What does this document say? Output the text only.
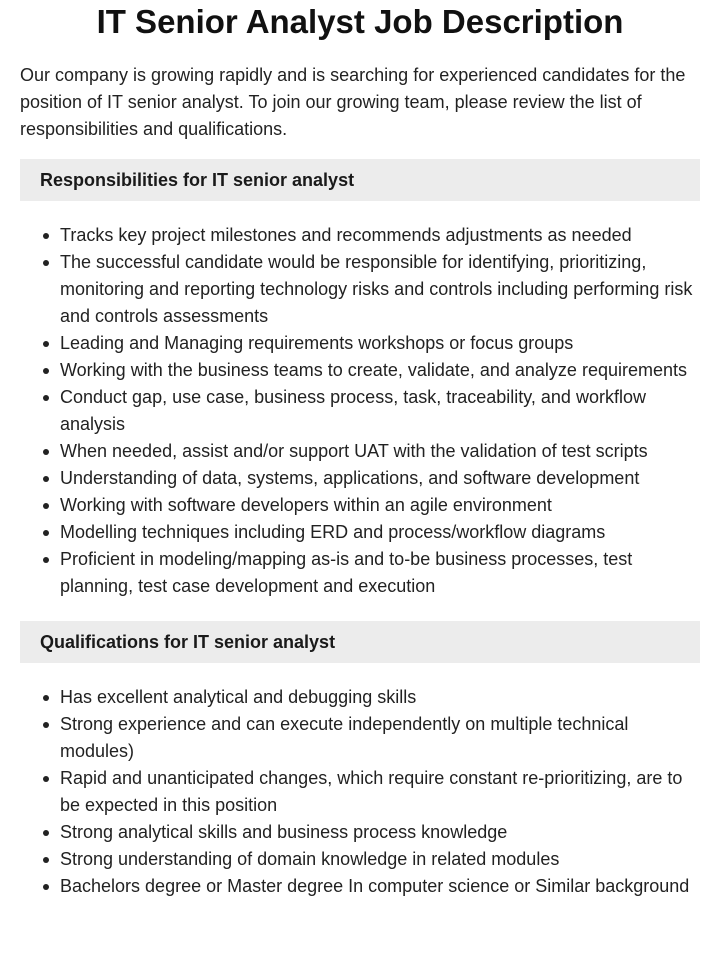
IT Senior Analyst Job Description

Our company is growing rapidly and is searching for experienced candidates for the position of IT senior analyst. To join our growing team, please review the list of responsibilities and qualifications.

Responsibilities for IT senior analyst
Tracks key project milestones and recommends adjustments as needed
The successful candidate would be responsible for identifying, prioritizing, monitoring and reporting technology risks and controls including performing risk and controls assessments
Leading and Managing requirements workshops or focus groups
Working with the business teams to create, validate, and analyze requirements
Conduct gap, use case, business process, task, traceability, and workflow analysis
When needed, assist and/or support UAT with the validation of test scripts
Understanding of data, systems, applications, and software development
Working with software developers within an agile environment
Modelling techniques including ERD and process/workflow diagrams
Proficient in modeling/mapping as-is and to-be business processes, test planning, test case development and execution
Qualifications for IT senior analyst
Has excellent analytical and debugging skills
Strong experience and can execute independently on multiple technical modules)
Rapid and unanticipated changes, which require constant re-prioritizing, are to be expected in this position
Strong analytical skills and business process knowledge
Strong understanding of domain knowledge in related modules
Bachelors degree or Master degree In computer science or Similar background
